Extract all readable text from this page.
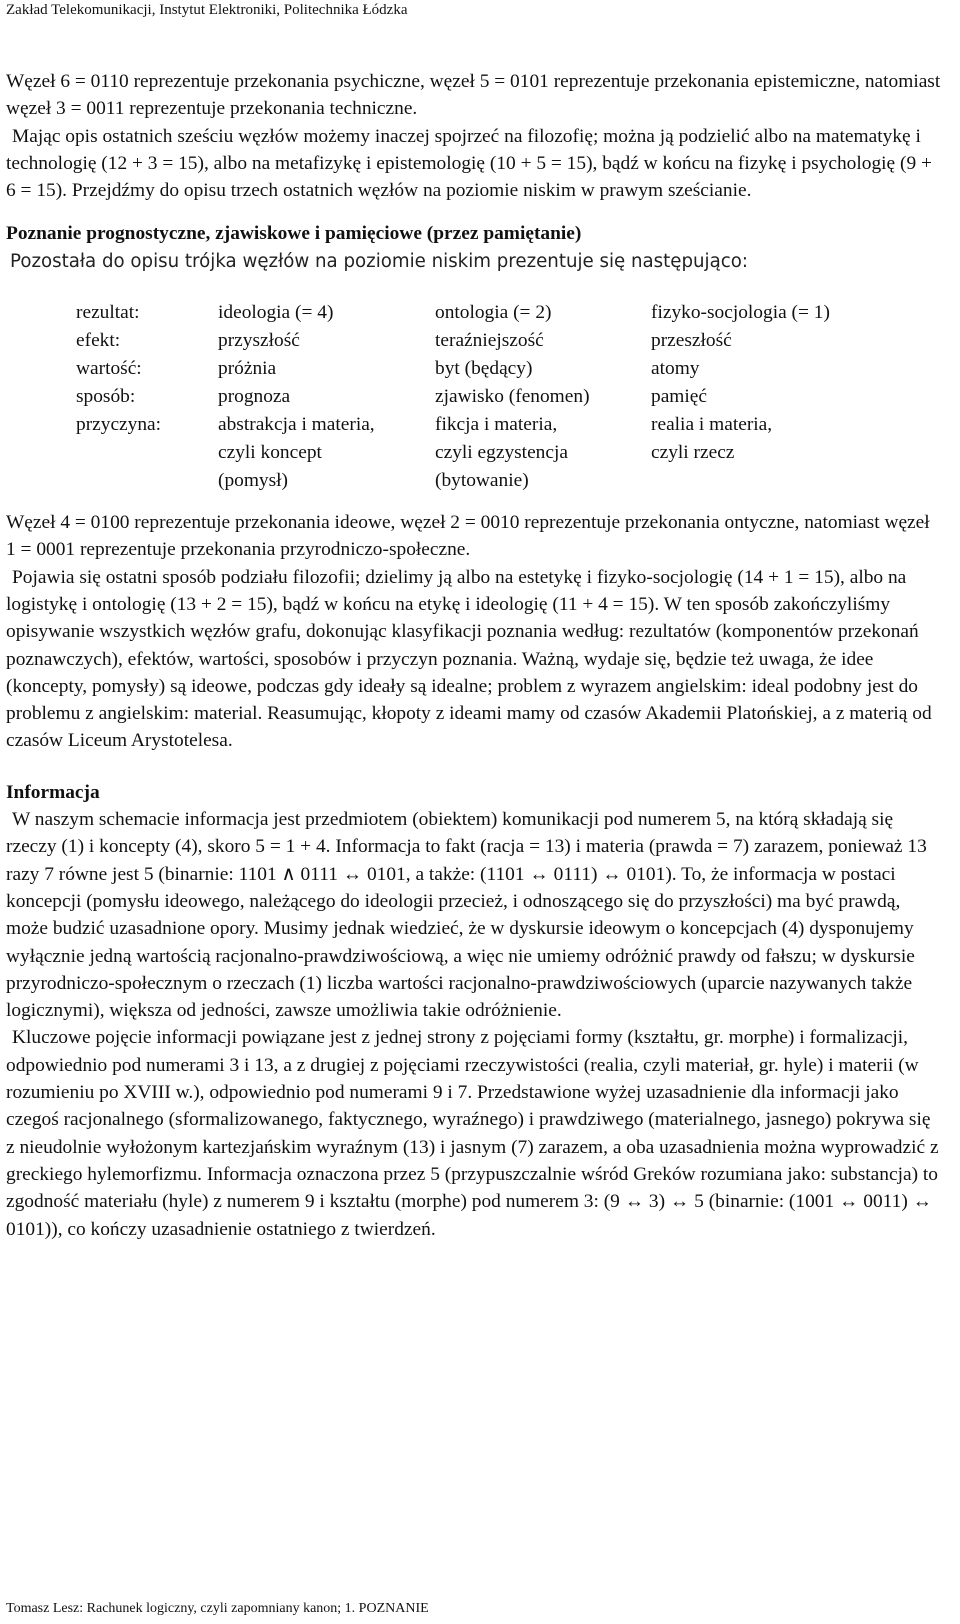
Zakład Telekomunikacji, Instytut Elektroniki, Politechnika Łódzka

Węzeł 6 = 0110 reprezentuje przekonania psychiczne, węzeł 5 = 0101 reprezentuje przekonania epistemiczne, natomiast węzeł 3 = 0011 reprezentuje przekonania techniczne.

Mając opis ostatnich sześciu węzłów możemy inaczej spojrzeć na filozofię; można ją podzielić albo na matematykę i technologię (12 + 3 = 15), albo na metafizykę i epistemologię (10 + 5 = 15), bądź w końcu na fizykę i psychologię (9 + 6 = 15). Przejdźmy do opisu trzech ostatnich węzłów na poziomie niskim w prawym sześcianie.

Poznanie prognostyczne, zjawiskowe i pamięciowe (przez pamiętanie)

Pozostała do opisu trójka węzłów na poziomie niskim prezentuje się następująco:

rezultat:	ideologia (= 4)	ontologia (= 2)	fizyko-socjologia (= 1)
efekt:	przyszłość	teraźniejszość	przeszłość
wartość:	próżnia	byt (będący)	atomy
sposób:	prognoza	zjawisko (fenomen)	pamięć
przyczyna:	abstrakcja i materia,	fikcja i materia,	realia i materia,
	czyli koncept	czyli egzystencja	czyli rzecz
	(pomysł)	(bytowanie)	

Węzeł 4 = 0100 reprezentuje przekonania ideowe, węzeł 2 = 0010 reprezentuje przekonania ontyczne, natomiast węzeł 1 = 0001 reprezentuje przekonania przyrodniczo-społeczne.

Pojawia się ostatni sposób podziału filozofii; dzielimy ją albo na estetykę i fizyko-socjologię (14 + 1 = 15), albo na logistykę i ontologię (13 + 2 = 15), bądź w końcu na etykę i ideologię (11 + 4 = 15). W ten sposób zakończyliśmy opisywanie wszystkich węzłów grafu, dokonując klasyfikacji poznania według: rezultatów (komponentów przekonań poznawczych), efektów, wartości, sposobów i przyczyn poznania. Ważną, wydaje się, będzie też uwaga, że idee (koncepty, pomysły) są ideowe, podczas gdy ideały są idealne; problem z wyrazem angielskim: ideal podobny jest do problemu z angielskim: material. Reasumując, kłopoty z ideami mamy od czasów Akademii Platońskiej, a z materią od czasów Liceum Arystotelesa.

Informacja

W naszym schemacie informacja jest przedmiotem (obiektem) komunikacji pod numerem 5, na którą składają się rzeczy (1) i koncepty (4), skoro 5 = 1 + 4. Informacja to fakt (racja = 13) i materia (prawda = 7) zarazem, ponieważ 13 razy 7 równe jest 5 (binarnie: 1101 ∧ 0111 ↔ 0101, a także: (1101 ↔ 0111) ↔ 0101). To, że informacja w postaci koncepcji (pomysłu ideowego, należącego do ideologii przecież, i odnoszącego się do przyszłości) ma być prawdą, może budzić uzasadnione opory. Musimy jednak wiedzieć, że w dyskursie ideowym o koncepcjach (4) dysponujemy wyłącznie jedną wartością racjonalno-prawdziwościową, a więc nie umiemy odróżnić prawdy od fałszu; w dyskursie przyrodniczo-społecznym o rzeczach (1) liczba wartości racjonalno-prawdziwościowych (uparcie nazywanych także logicznymi), większa od jedności, zawsze umożliwia takie odróżnienie.

Kluczowe pojęcie informacji powiązane jest z jednej strony z pojęciami formy (kształtu, gr. morphe) i formalizacji, odpowiednio pod numerami 3 i 13, a z drugiej z pojęciami rzeczywistości (realia, czyli materiał, gr. hyle) i materii (w rozumieniu po XVIII w.), odpowiednio pod numerami 9 i 7. Przedstawione wyżej uzasadnienie dla informacji jako czegoś racjonalnego (sformalizowanego, faktycznego, wyraźnego) i prawdziwego (materialnego, jasnego) pokrywa się z nieudolnie wyłożonym kartezjańskim wyraźnym (13) i jasnym (7) zarazem, a oba uzasadnienia można wyprowadzić z greckiego hylemorfizmu. Informacja oznaczona przez 5 (przypuszczalnie wśród Greków rozumiana jako: substancja) to zgodność materiału (hyle) z numerem 9 i kształtu (morphe) pod numerem 3: (9 ↔ 3) ↔ 5 (binarnie: (1001 ↔ 0011) ↔ 0101)), co kończy uzasadnienie ostatniego z twierdzeń.

Tomasz Lesz: Rachunek logiczny, czyli zapomniany kanon; 1. POZNANIE
